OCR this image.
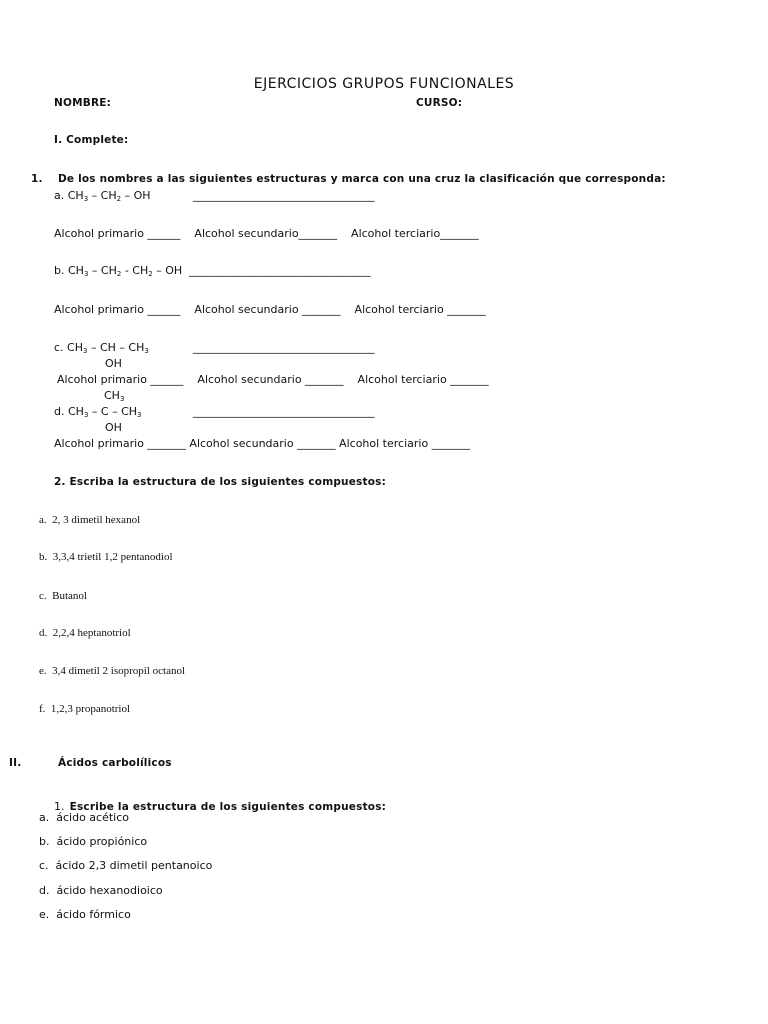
EJERCICIOS GRUPOS FUNCIONALES
NOMBRE:	CURSO:
I. Complete:
1. De los nombres a las siguientes estructuras y marca con una cruz la clasificación que corresponda:
a. $CH_3 - CH_2$ – OH	_________________________________
Alcohol primario ______    Alcohol secundario_______    Alcohol terciario_______
b. $CH_3 - CH_2 - CH_2$ – OH _________________________________
Alcohol primario ______    Alcohol secundario _______    Alcohol terciario _______
c. $CH_3$ – CH – $CH_3$	_________________________________
OH
Alcohol primario ______    Alcohol secundario _______    Alcohol terciario _______
$CH_3$
d. $CH_3$ – C – $CH_3$	_________________________________
OH
Alcohol primario _______ Alcohol secundario _______ Alcohol terciario _______
2. Escriba la estructura de los siguientes compuestos:
a. 2, 3 dimetil hexanol
b. 3,3,4 trietil 1,2 pentanodiol
c. Butanol
d. 2,2,4 heptanotriol
e. 3,4 dimetil 2 isopropil octanol
f. 1,2,3 propanotriol
II.	Ácidos carbolílicos
1. Escribe la estructura de los siguientes compuestos:
a. ácido acético
b. ácido propiónico
c. ácido 2,3 dimetil pentanoico
d. ácido hexanodioico
e. ácido fórmico
